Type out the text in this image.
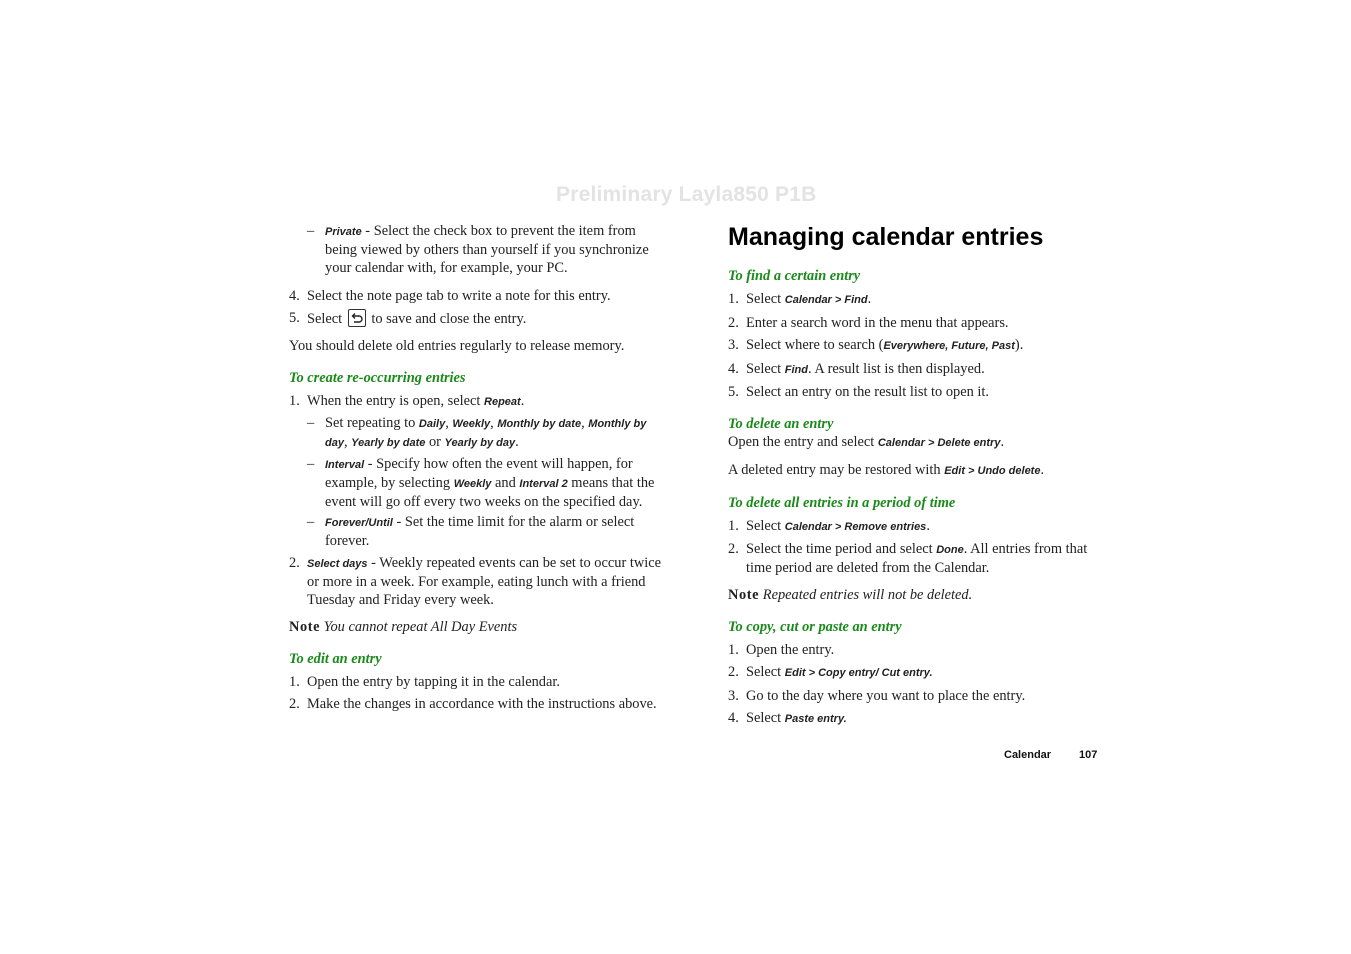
Preliminary Layla850 P1B
– Private - Select the check box to prevent the item from
being viewed by others than yourself if you synchronize
your calendar with, for example, your PC.
4. Select the note page tab to write a note for this entry.
5. Select to save and close the entry.
You should delete old entries regularly to release memory.
To create re-occurring entries
1. When the entry is open, select Repeat.
– Set repeating to Daily, Weekly, Monthly by date, Monthly by
day, Yearly by date or Yearly by day.
– Interval - Specify how often the event will happen, for
example, by selecting Weekly and Interval 2 means that the
event will go off every two weeks on the specified day.
– Forever/Until - Set the time limit for the alarm or select
forever.
2. Select days - Weekly repeated events can be set to occur twice
or more in a week. For example, eating lunch with a friend
Tuesday and Friday every week.
Note You cannot repeat All Day Events
To edit an entry
1. Open the entry by tapping it in the calendar.
2. Make the changes in accordance with the instructions above.
Managing calendar entries
To find a certain entry
1. Select Calendar > Find.
2. Enter a search word in the menu that appears.
3. Select where to search (Everywhere, Future, Past).
4. Select Find. A result list is then displayed.
5. Select an entry on the result list to open it.
To delete an entry
Open the entry and select Calendar > Delete entry.
A deleted entry may be restored with Edit > Undo delete.
To delete all entries in a period of time
1. Select Calendar > Remove entries.
2. Select the time period and select Done. All entries from that
time period are deleted from the Calendar.
Note Repeated entries will not be deleted.
To copy, cut or paste an entry
1. Open the entry.
2. Select Edit > Copy entry/ Cut entry.
3. Go to the day where you want to place the entry.
4. Select Paste entry.
Calendar	107
